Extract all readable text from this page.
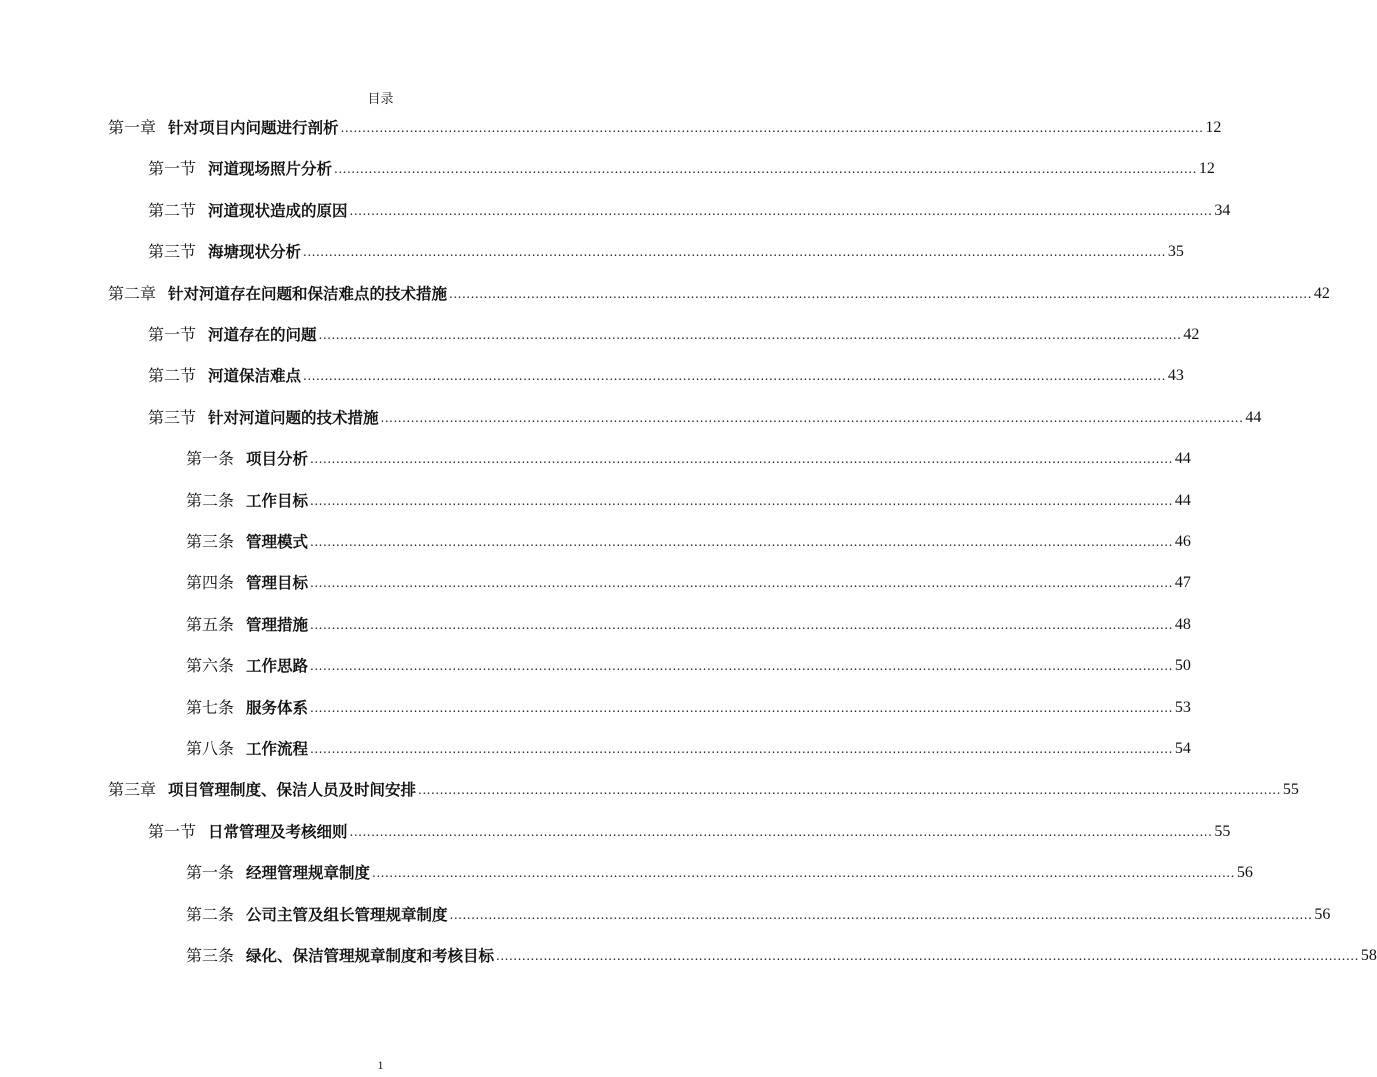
目录
第一章 针对项目内问题进行剖析 ........................................................................................................................................................................................................ 12
第一节 河道现场照片分析 ........................................................................................................................................................................................................ 12
第二节 河道现状造成的原因 ........................................................................................................................................................................................................ 34
第三节 海塘现状分析 ........................................................................................................................................................................................................ 35
第二章 针对河道存在问题和保洁难点的技术措施 ........................................................................................................................................................................................................ 42
第一节 河道存在的问题 ........................................................................................................................................................................................................ 42
第二节 河道保洁难点 ........................................................................................................................................................................................................ 43
第三节 针对河道问题的技术措施 ........................................................................................................................................................................................................ 44
第一条 项目分析 ........................................................................................................................................................................................................ 44
第二条 工作目标 ........................................................................................................................................................................................................ 44
第三条 管理模式 ........................................................................................................................................................................................................ 46
第四条 管理目标 ........................................................................................................................................................................................................ 47
第五条 管理措施 ........................................................................................................................................................................................................ 48
第六条 工作思路 ........................................................................................................................................................................................................ 50
第七条 服务体系 ........................................................................................................................................................................................................ 53
第八条 工作流程 ........................................................................................................................................................................................................ 54
第三章 项目管理制度、保洁人员及时间安排 ........................................................................................................................................................................................................ 55
第一节 日常管理及考核细则 ........................................................................................................................................................................................................ 55
第一条 经理管理规章制度 ........................................................................................................................................................................................................ 56
第二条 公司主管及组长管理规章制度 ........................................................................................................................................................................................................ 56
第三条 绿化、保洁管理规章制度和考核目标 ........................................................................................................................................................................................................ 58
1
